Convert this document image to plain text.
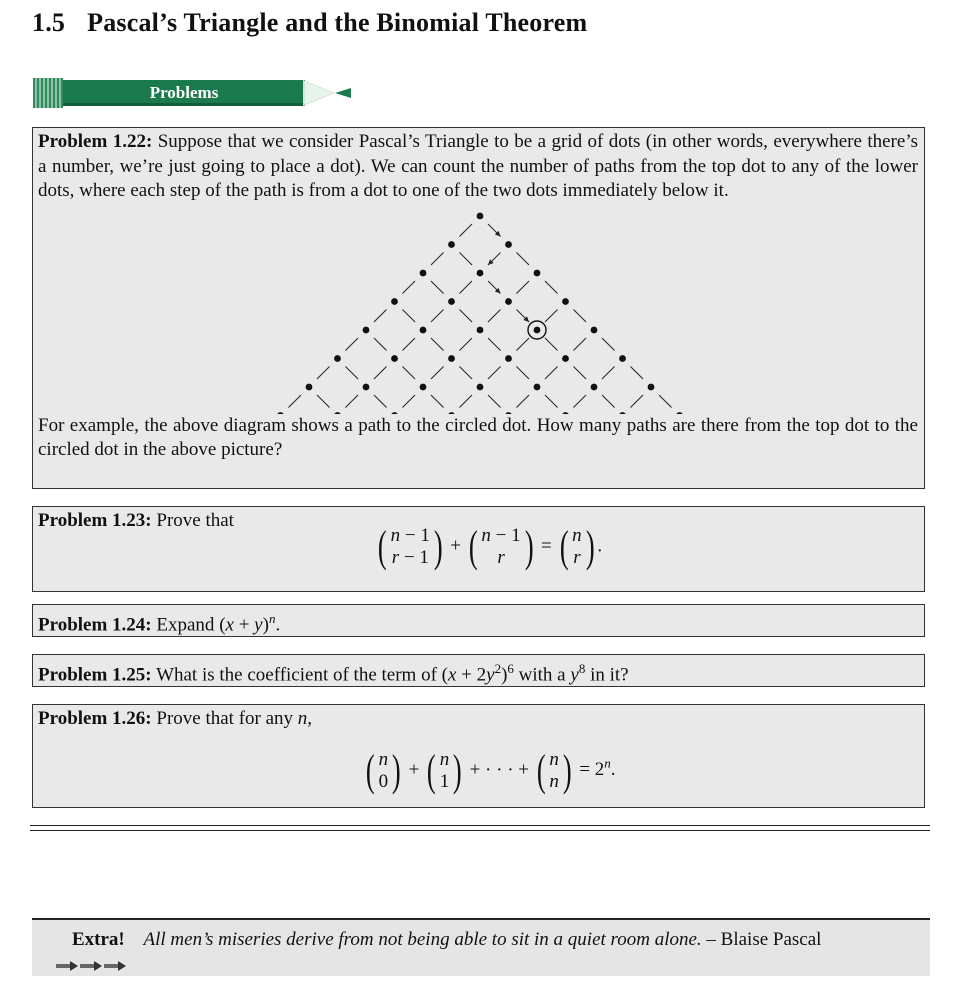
1.5 Pascal’s Triangle and the Binomial Theorem
Problems

Problem 1.22: Suppose that we consider Pascal’s Triangle to be a grid of dots (in other words, everywhere there’s a number, we’re just going to place a dot). We can count the number of paths from the top dot to any of the lower dots, where each step of the path is from a dot to one of the two dots immediately below it.

For example, the above diagram shows a path to the circled dot. How many paths are there from the top dot to the circled dot in the above picture?

Problem 1.23: Prove that

( n − 1
r − 1 ) + ( n − 1
r ) = ( n
r ) .

Problem 1.24: Expand $(x + y)^n$.

Problem 1.25: What is the coefficient of the term of $(x + 2y^2)^6$ with a $y^8$ in it?

Problem 1.26: Prove that for any n,

( n
0 ) + ( n
1 ) + · · · + ( n
n ) = $2^n$.
Extra! All men’s miseries derive from not being able to sit in a quiet room alone. – Blaise Pascal
